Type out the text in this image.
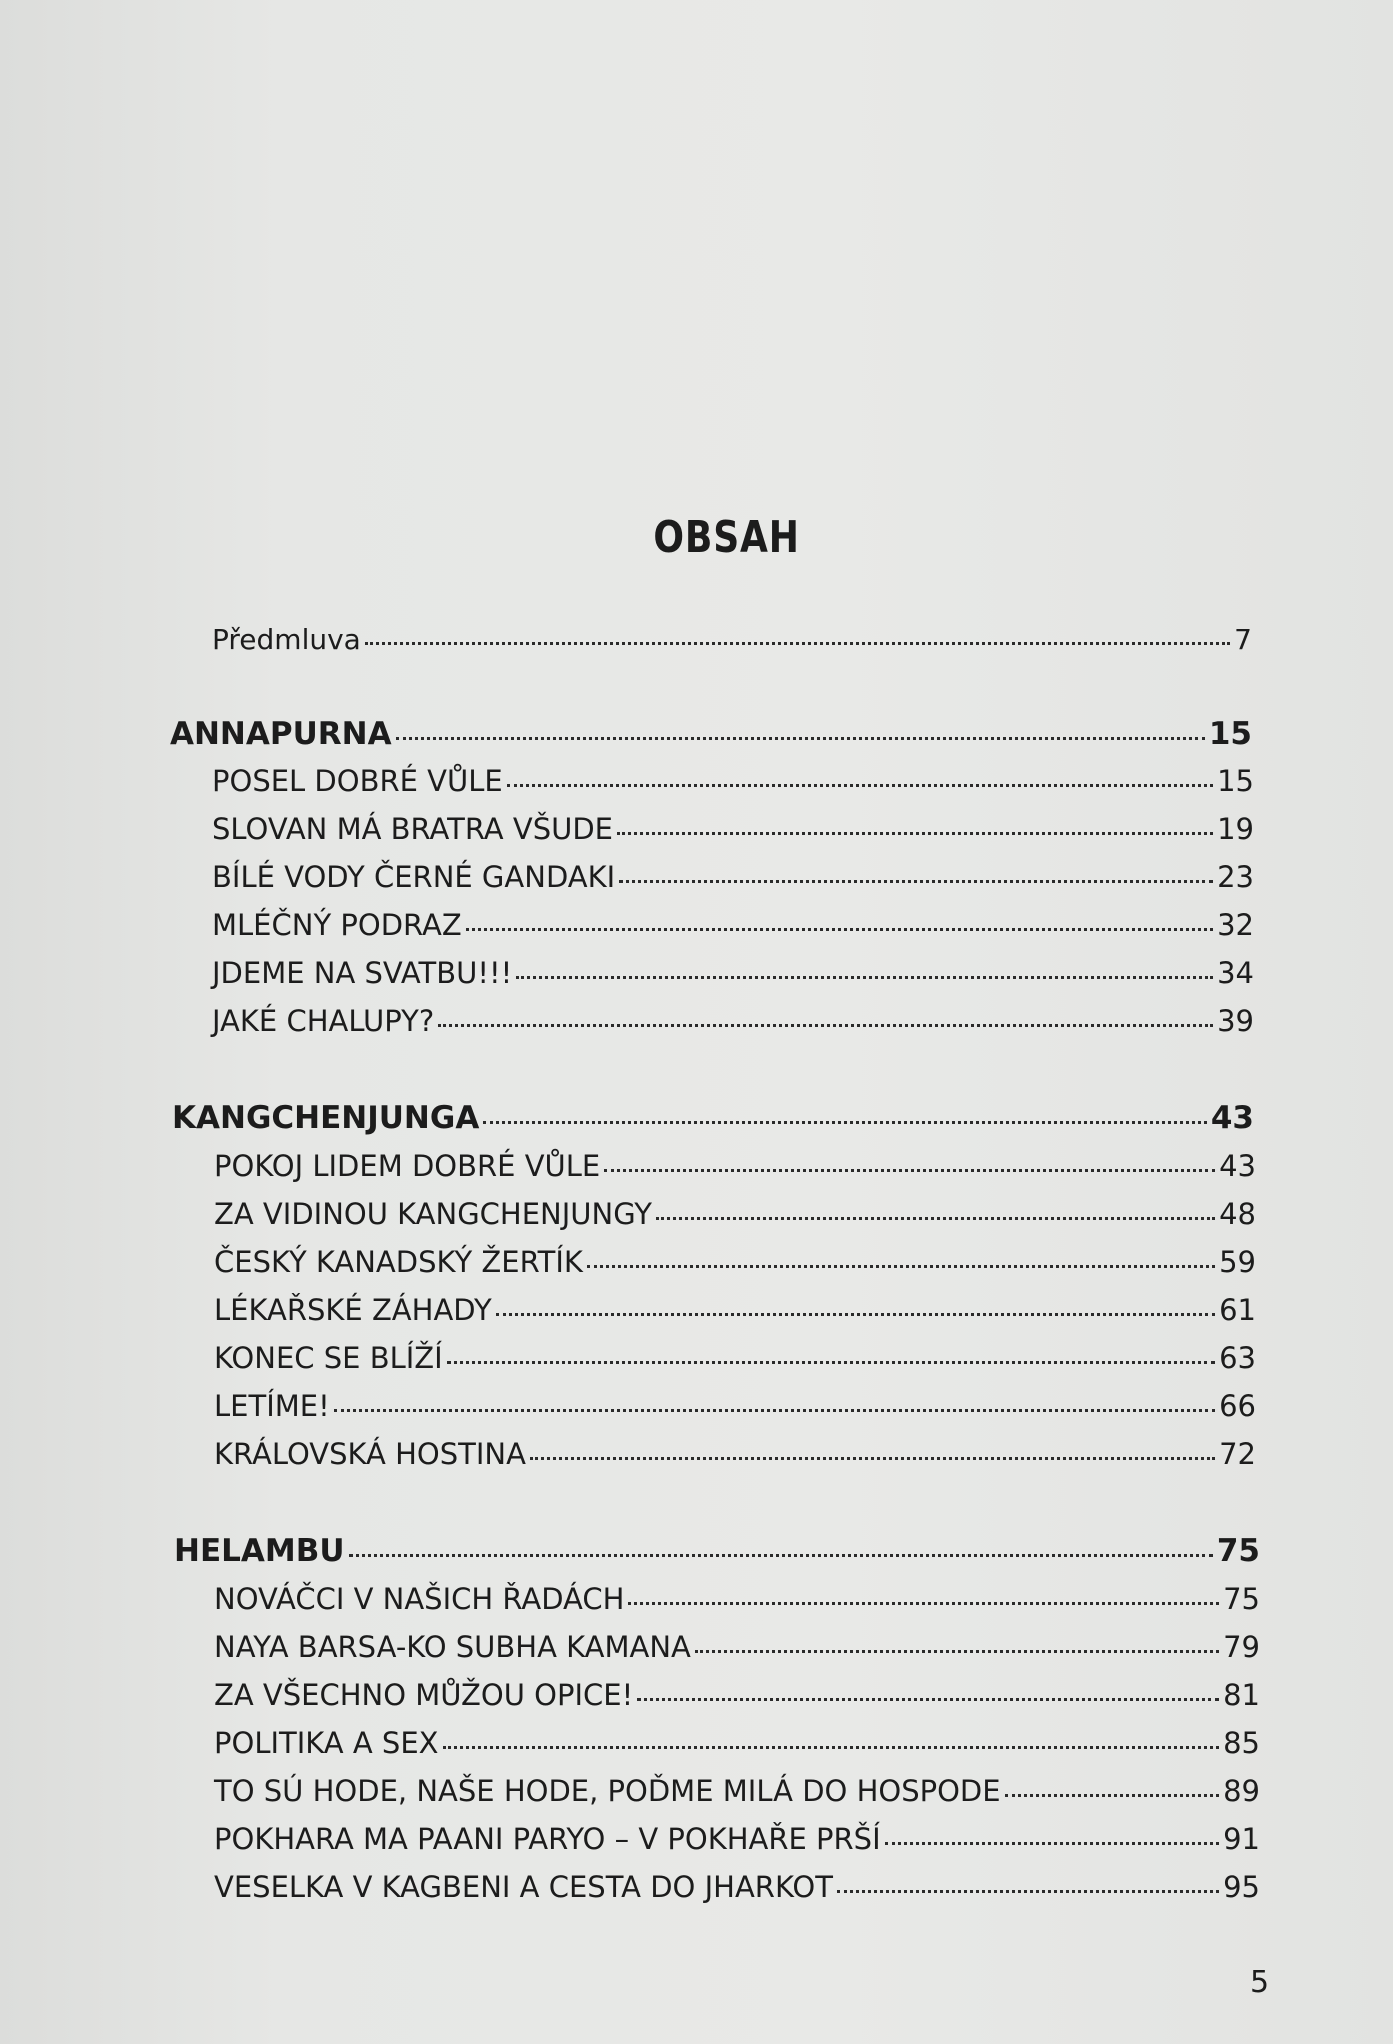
OBSAH
Předmluva	7
ANNAPURNA	15
POSEL DOBRÉ VŮLE	15
SLOVAN MÁ BRATRA VŠUDE	19
BÍLÉ VODY ČERNÉ GANDAKI	23
MLÉČNÝ PODRAZ	32
JDEME NA SVATBU!!!	34
JAKÉ CHALUPY?	39
KANGCHENJUNGA	43
POKOJ LIDEM DOBRÉ VŮLE	43
ZA VIDINOU KANGCHENJUNGY	48
ČESKÝ KANADSKÝ ŽERTÍK	59
LÉKAŘSKÉ ZÁHADY	61
KONEC SE BLÍŽÍ	63
LETÍME!	66
KRÁLOVSKÁ HOSTINA	72
HELAMBU	75
NOVÁČCI V NAŠICH ŘADÁCH	75
NAYA BARSA-KO SUBHA KAMANA	79
ZA VŠECHNO MŮŽOU OPICE!	81
POLITIKA A SEX	85
TO SÚ HODE, NAŠE HODE, POĎME MILÁ DO HOSPODE	89
POKHARA MA PAANI PARYO – V POKHAŘE PRŠÍ	91
VESELKA V KAGBENI A CESTA DO JHARKOT	95
5
